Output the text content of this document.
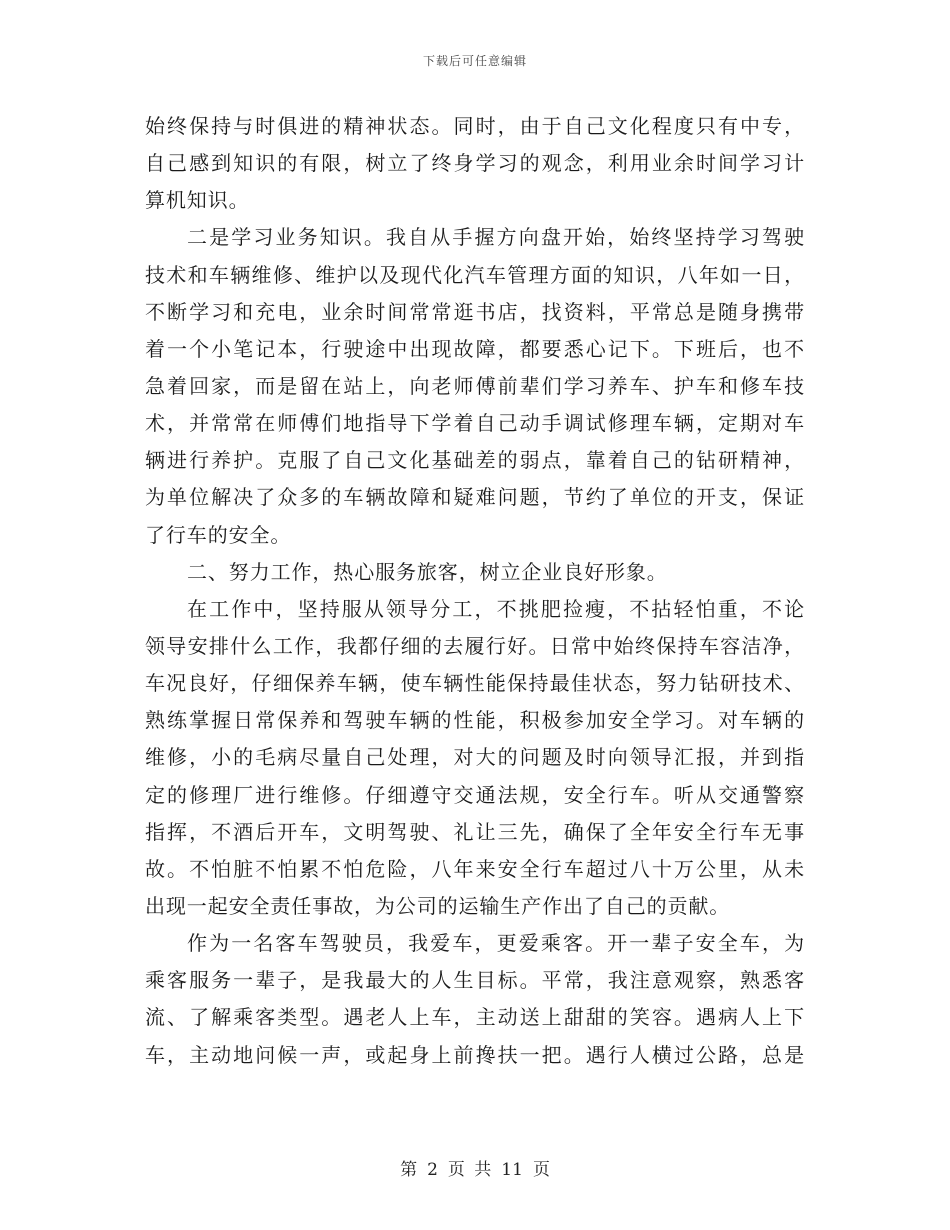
下载后可任意编辑
始终保持与时俱进的精神状态。同时，由于自己文化程度只有中专，
自己感到知识的有限，树立了终身学习的观念，利用业余时间学习计
算机知识。
二是学习业务知识。我自从手握方向盘开始，始终坚持学习驾驶
技术和车辆维修、维护以及现代化汽车管理方面的知识，八年如一日，
不断学习和充电，业余时间常常逛书店，找资料，平常总是随身携带
着一个小笔记本，行驶途中出现故障，都要悉心记下。下班后，也不
急着回家，而是留在站上，向老师傅前辈们学习养车、护车和修车技
术，并常常在师傅们地指导下学着自己动手调试修理车辆，定期对车
辆进行养护。克服了自己文化基础差的弱点，靠着自己的钻研精神，
为单位解决了众多的车辆故障和疑难问题，节约了单位的开支，保证
了行车的安全。
二、努力工作，热心服务旅客，树立企业良好形象。
在工作中，坚持服从领导分工，不挑肥捡瘦，不拈轻怕重，不论
领导安排什么工作，我都仔细的去履行好。日常中始终保持车容洁净，
车况良好，仔细保养车辆，使车辆性能保持最佳状态，努力钻研技术、
熟练掌握日常保养和驾驶车辆的性能，积极参加安全学习。对车辆的
维修，小的毛病尽量自己处理，对大的问题及时向领导汇报，并到指
定的修理厂进行维修。仔细遵守交通法规，安全行车。听从交通警察
指挥，不酒后开车，文明驾驶、礼让三先，确保了全年安全行车无事
故。不怕脏不怕累不怕危险，八年来安全行车超过八十万公里，从未
出现一起安全责任事故，为公司的运输生产作出了自己的贡献。
作为一名客车驾驶员，我爱车，更爱乘客。开一辈子安全车，为
乘客服务一辈子，是我最大的人生目标。平常，我注意观察，熟悉客
流、了解乘客类型。遇老人上车，主动送上甜甜的笑容。遇病人上下
车，主动地问候一声，或起身上前搀扶一把。遇行人横过公路，总是
第 2 页 共 11 页
